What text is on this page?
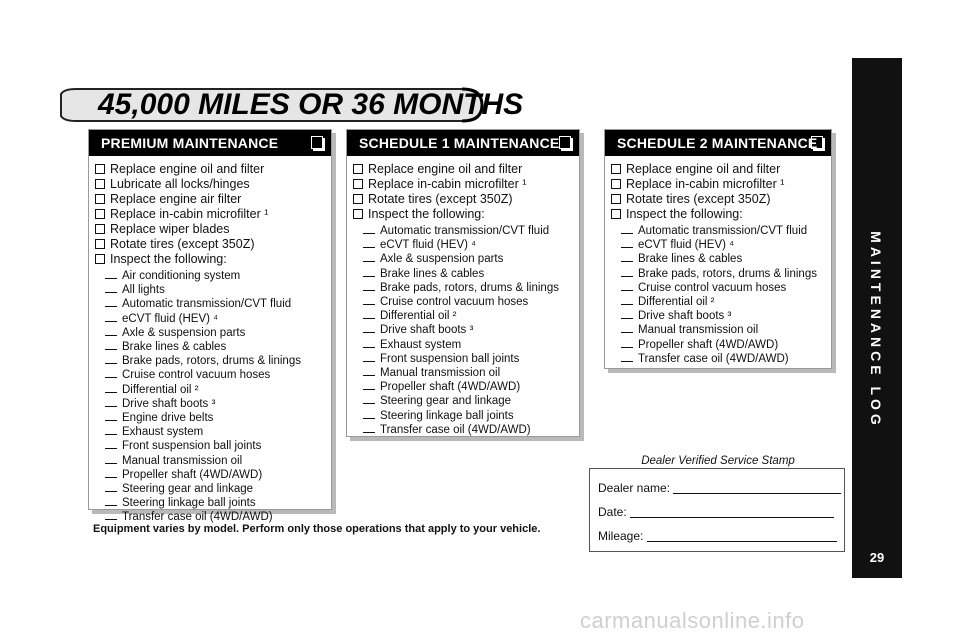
45,000 MILES OR 36 MONTHS
PREMIUM MAINTENANCE
Replace engine oil and filter
Lubricate all locks/hinges
Replace engine air filter
Replace in-cabin microfilter ¹
Replace wiper blades
Rotate tires (except 350Z)
Inspect the following:
Air conditioning system
All lights
Automatic transmission/CVT fluid
eCVT fluid (HEV) ⁴
Axle & suspension parts
Brake lines & cables
Brake pads, rotors, drums & linings
Cruise control vacuum hoses
Differential oil ²
Drive shaft boots ³
Engine drive belts
Exhaust system
Front suspension ball joints
Manual transmission oil
Propeller shaft (4WD/AWD)
Steering gear and linkage
Steering linkage ball joints
Transfer case oil (4WD/AWD)
SCHEDULE 1 MAINTENANCE
Replace engine oil and filter
Replace in-cabin microfilter ¹
Rotate tires (except 350Z)
Inspect the following:
Automatic transmission/CVT fluid
eCVT fluid (HEV) ⁴
Axle & suspension parts
Brake lines & cables
Brake pads, rotors, drums & linings
Cruise control vacuum hoses
Differential oil ²
Drive shaft boots ³
Exhaust system
Front suspension ball joints
Manual transmission oil
Propeller shaft (4WD/AWD)
Steering gear and linkage
Steering linkage ball joints
Transfer case oil (4WD/AWD)
SCHEDULE 2 MAINTENANCE
Replace engine oil and filter
Replace in-cabin microfilter ¹
Rotate tires (except 350Z)
Inspect the following:
Automatic transmission/CVT fluid
eCVT fluid (HEV) ⁴
Brake lines & cables
Brake pads, rotors, drums & linings
Cruise control vacuum hoses
Differential oil ²
Drive shaft boots ³
Manual transmission oil
Propeller shaft (4WD/AWD)
Transfer case oil (4WD/AWD)
Dealer Verified Service Stamp
Dealer name:
Date:
Mileage:
Equipment varies by model. Perform only those operations that apply to your vehicle.
MAINTENANCE LOG
29
carmanualsonline.info
